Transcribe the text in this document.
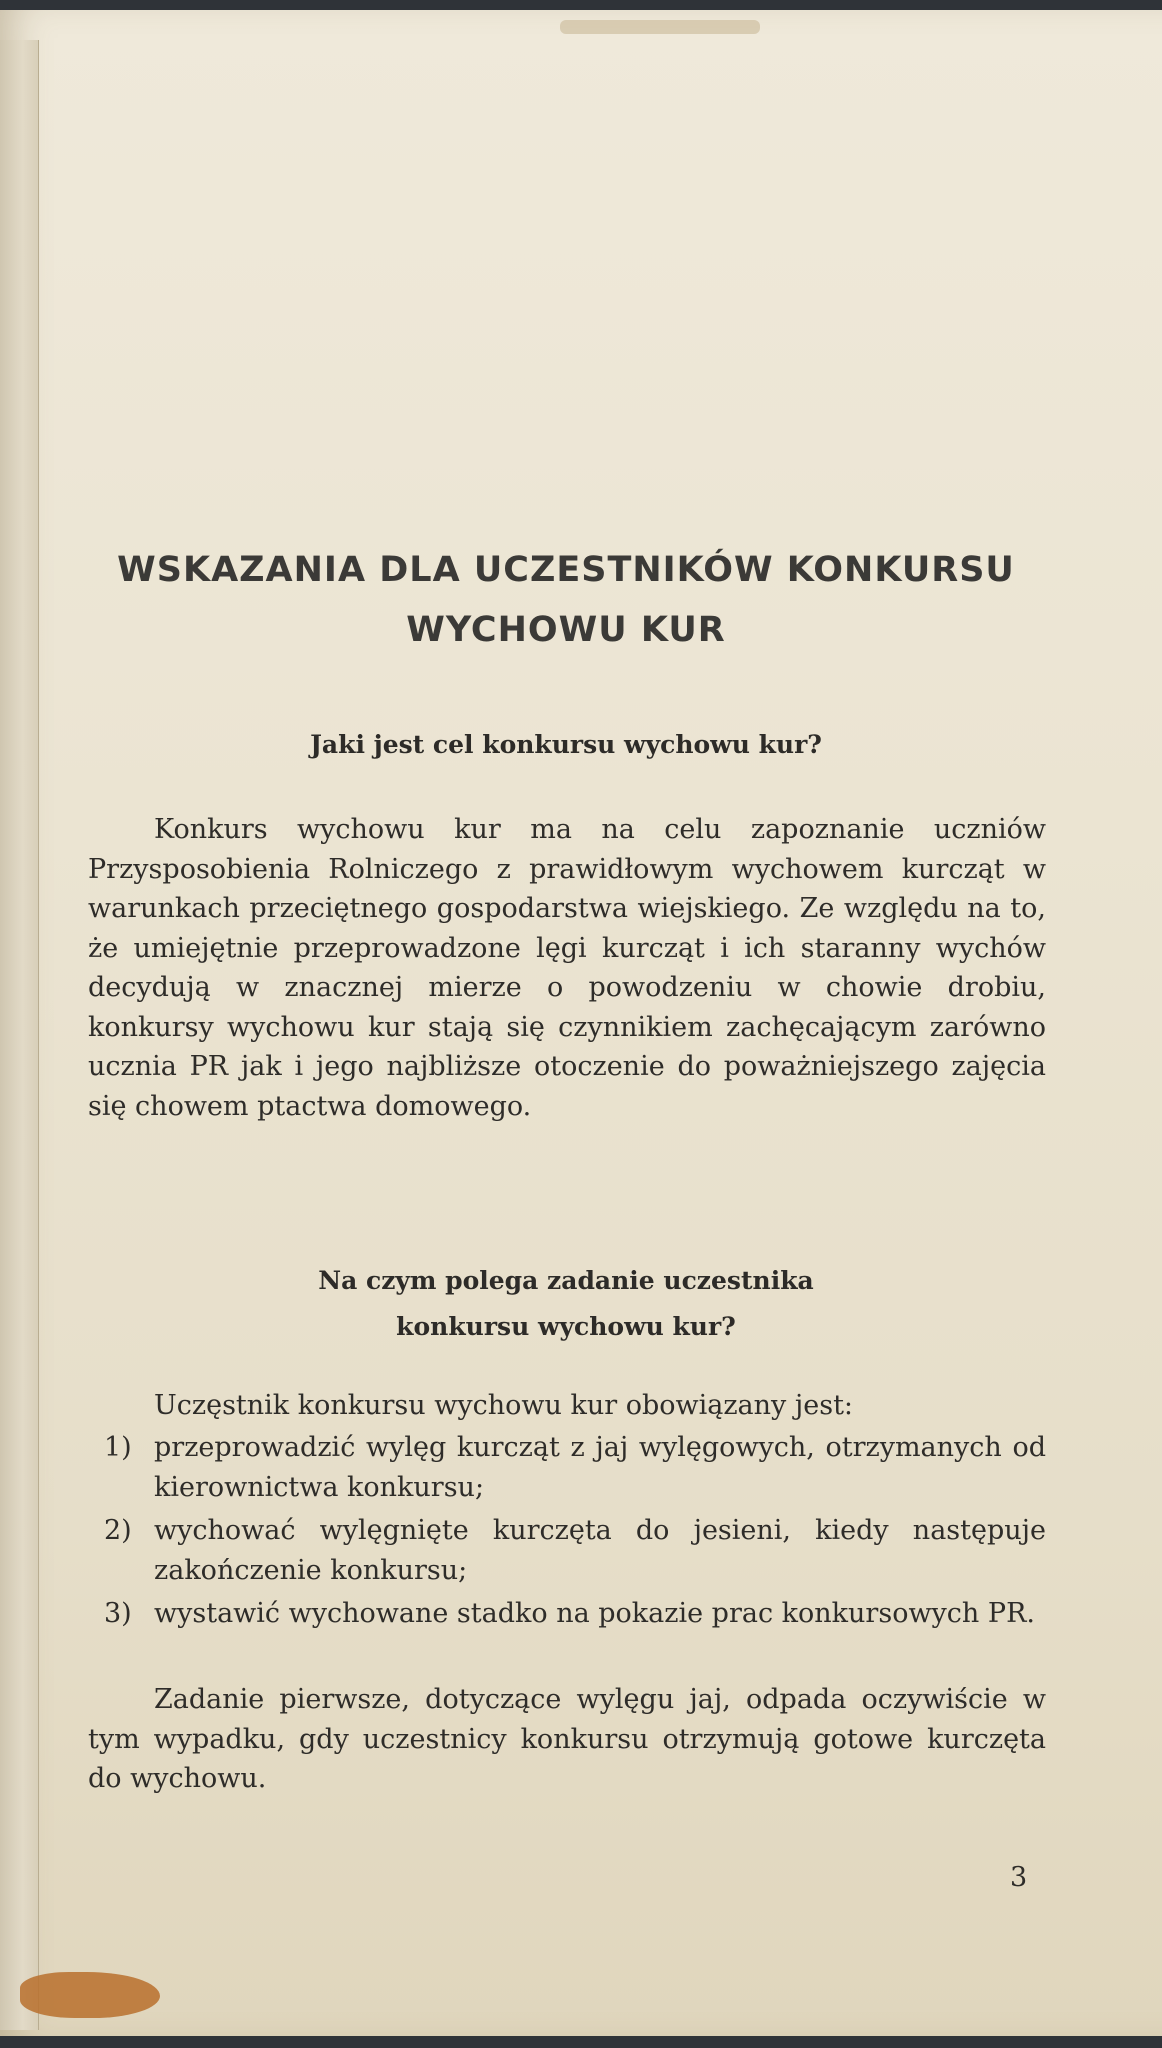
WSKAZANIA DLA UCZESTNIKÓW KONKURSU
WYCHOWU KUR
Jaki jest cel konkursu wychowu kur?

Konkurs wychowu kur ma na celu zapoznanie uczniów Przysposobienia Rolniczego z prawidłowym wychowem kurcząt w warunkach przeciętnego gospodarstwa wiejskiego. Ze względu na to, że umiejętnie przeprowadzone lęgi kurcząt i ich staranny wychów decydują w znacznej mierze o powodzeniu w chowie drobiu, konkursy wychowu kur stają się czynnikiem zachęcającym zarówno ucznia PR jak i jego najbliższe otoczenie do poważniejszego zajęcia się chowem ptactwa domowego.

Na czym polega zadanie uczestnika
konkursu wychowu kur?

Uczęstnik konkursu wychowu kur obowiązany jest:

1) przeprowadzić wylęg kurcząt z jaj wylęgowych, otrzymanych od kierownictwa konkursu;
2) wychować wylęgnięte kurczęta do jesieni, kiedy następuje zakończenie konkursu;
3) wystawić wychowane stadko na pokazie prac konkursowych PR.

Zadanie pierwsze, dotyczące wylęgu jaj, odpada oczywiście w tym wypadku, gdy uczestnicy konkursu otrzymują gotowe kurczęta do wychowu.

3
